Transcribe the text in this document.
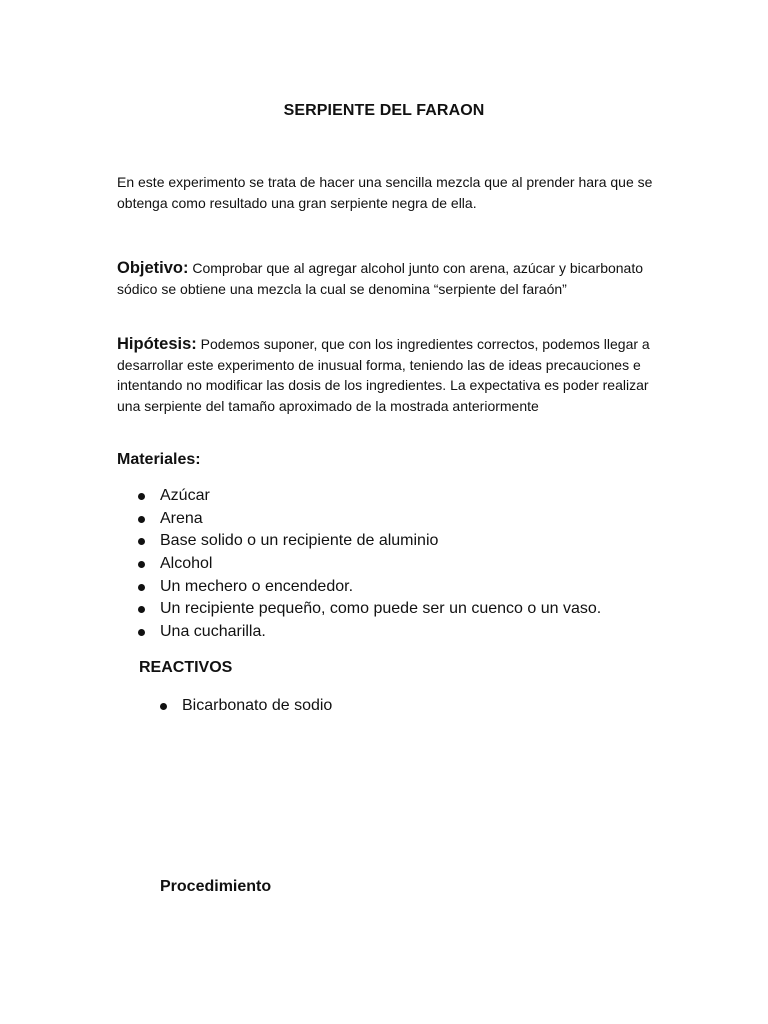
SERPIENTE DEL FARAON
En este experimento se trata de hacer una sencilla mezcla que al prender hara que se obtenga como resultado una gran serpiente negra de ella.
Objetivo: Comprobar que al agregar alcohol junto con arena, azúcar y bicarbonato sódico se obtiene una mezcla la cual se denomina “serpiente del faraón”
Hipótesis: Podemos suponer, que con los ingredientes correctos, podemos llegar a desarrollar este experimento de inusual forma, teniendo las de ideas precauciones e intentando no modificar las dosis de los ingredientes. La expectativa es poder realizar una serpiente del tamaño aproximado de la mostrada anteriormente
Materiales:
Azúcar
Arena
Base solido o un recipiente de aluminio
Alcohol
Un mechero o encendedor.
Un recipiente pequeño, como puede ser un cuenco o un vaso.
Una cucharilla.
REACTIVOS
Bicarbonato de sodio
Procedimiento
